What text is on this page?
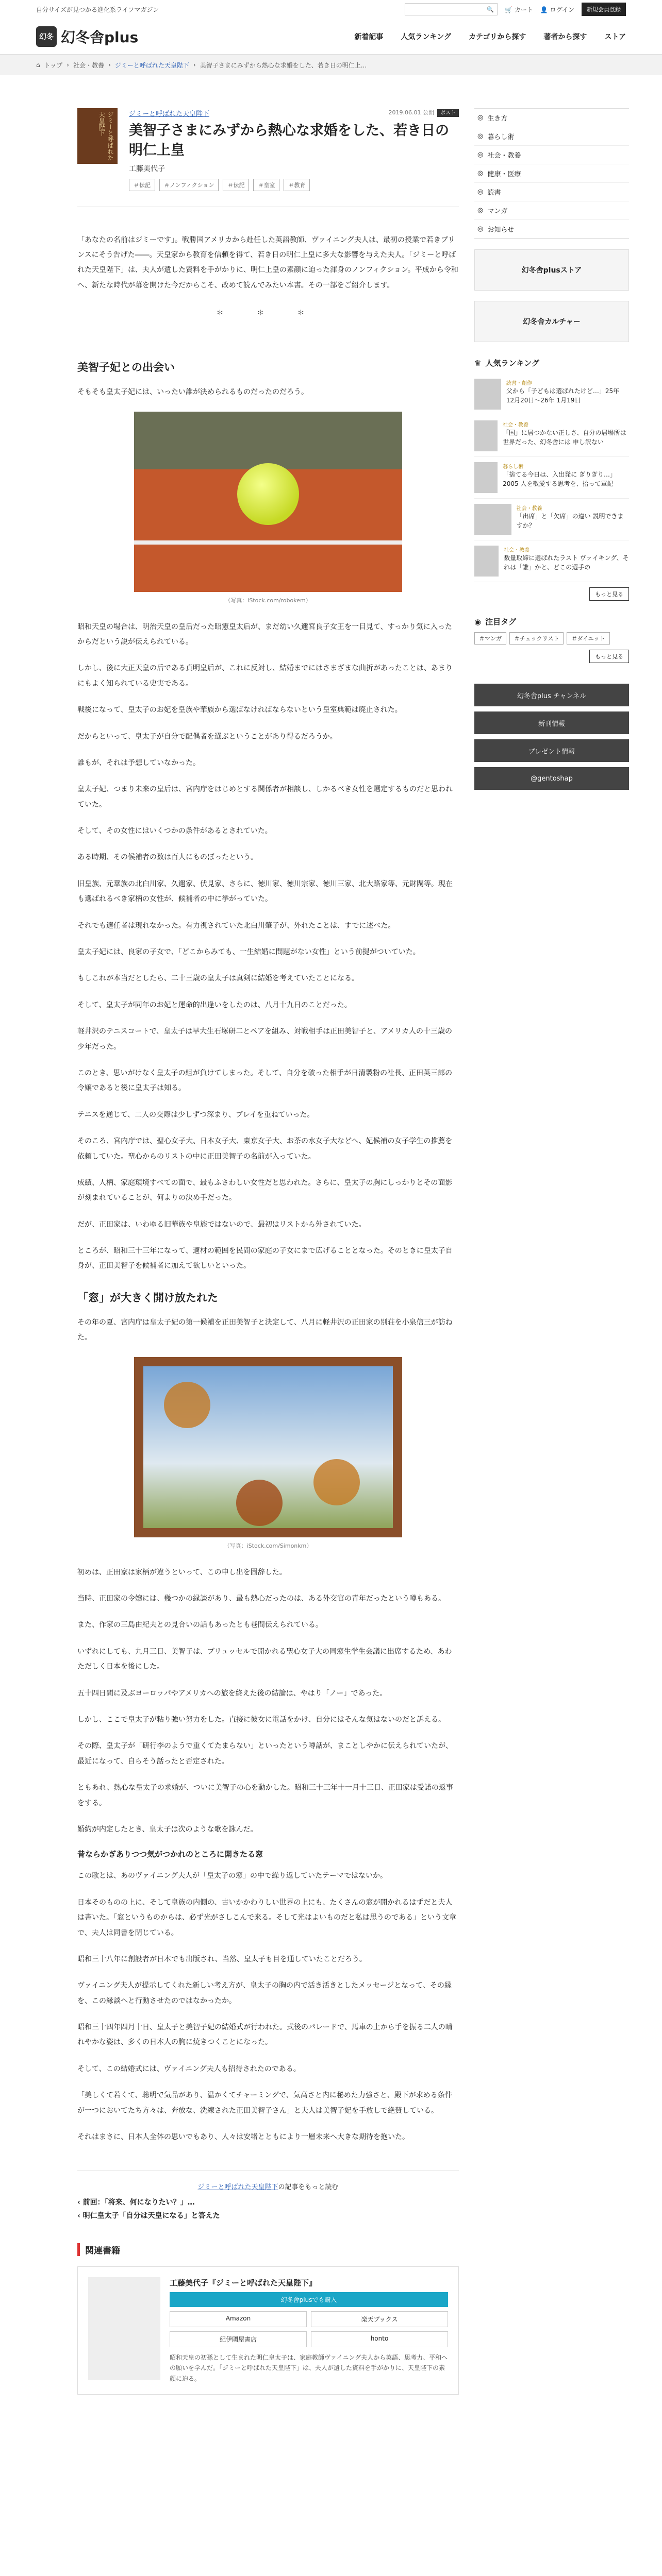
自分サイズが見つかる進化系ライフマガジン	🔍 🛒 カート 👤 ログイン	新規会員登録
幻冬 幻冬舎plus	新着記事 人気ランキング カテゴリから探す 著者から探す ストア
⌂ トップ › 社会・教養 › ジミーと呼ばれた天皇陛下 › 美智子さまにみずから熱心な求婚をした、若き日の明仁上...
ジミーと呼ばれた天皇陛下	ジミーと呼ばれた天皇陛下	2019.06.01 公開 ポスト
美智子さまにみずから熱心な求婚をした、若き日の明仁上皇
工藤美代子
＃伝記	＃ノンフィクション	＃伝記	＃皇室	＃教育
「あなたの名前はジミーです」。戦勝国アメリカから赴任した英語教師、ヴァイニング夫人は、最初の授業で若きプリンスにそう告げた――。天皇家から教育を信頼を得て、若き日の明仁上皇に多大な影響を与えた夫人。「ジミーと呼ばれた天皇陛下」は、夫人が遺した資料を手がかりに、明仁上皇の素顔に迫った渾身のノンフィクション。平成から令和へ、新たな時代が幕を開けた今だからこそ、改めて読んでみたい本書。その一部をご紹介します。
＊ ＊ ＊
美智子妃との出会い

そもそも皇太子妃には、いったい誰が決められるものだったのだろう。

（写真：iStock.com/robokem）

昭和天皇の場合は、明治天皇の皇后だった昭憲皇太后が、まだ幼い久邇宮良子女王を一目見て、すっかり気に入ったからだという説が伝えられている。

しかし、後に大正天皇の后である貞明皇后が、これに反対し、結婚までにはさまざまな曲折があったことは、あまりにもよく知られている史実である。

戦後になって、皇太子のお妃を皇族や華族から選ばなければならないという皇室典範は廃止された。

だからといって、皇太子が自分で配偶者を選ぶということがあり得るだろうか。

誰もが、それは予想していなかった。

皇太子妃、つまり未来の皇后は、宮内庁をはじめとする関係者が相談し、しかるべき女性を選定するものだと思われていた。

そして、その女性にはいくつかの条件があるとされていた。

ある時期、その候補者の数は百人にものぼったという。

旧皇族、元華族の北白川家、久邇家、伏見家、さらに、徳川家、徳川宗家、徳川三家、北大路家等、元財閥等。現在も選ばれるべき家柄の女性が、候補者の中に挙がっていた。

それでも適任者は現れなかった。有力視されていた北白川肇子が、外れたことは、すでに述べた。

皇太子妃には、良家の子女で、「どこからみても、一生結婚に問題がない女性」という前提がついていた。

もしこれが本当だとしたら、二十三歳の皇太子は真剣に結婚を考えていたことになる。

そして、皇太子が同年のお妃と運命的出逢いをしたのは、八月十九日のことだった。

軽井沢のテニスコートで、皇太子は早大生石塚研二とペアを組み、対戦相手は正田美智子と、アメリカ人の十三歳の少年だった。

このとき、思いがけなく皇太子の組が負けてしまった。そして、自分を破った相手が日清製粉の社長、正田英三郎の令嬢であると後に皇太子は知る。

テニスを通じて、二人の交際は少しずつ深まり、プレイを重ねていった。

そのころ、宮内庁では、聖心女子大、日本女子大、東京女子大、お茶の水女子大などへ、妃候補の女子学生の推薦を依頼していた。聖心からのリストの中に正田美智子の名前が入っていた。

成績、人柄、家庭環境すべての面で、最もふさわしい女性だと思われた。さらに、皇太子の胸にしっかりとその面影が刻まれていることが、何よりの決め手だった。

だが、正田家は、いわゆる旧華族や皇族ではないので、最初はリストから外されていた。

ところが、昭和三十三年になって、適材の範囲を民間の家庭の子女にまで広げることとなった。そのときに皇太子自身が、正田美智子を候補者に加えて欲しいといった。

「窓」が大きく開け放たれた

その年の夏、宮内庁は皇太子妃の第一候補を正田美智子と決定して、八月に軽井沢の正田家の別荘を小泉信三が訪ねた。

（写真：iStock.com/Simonkm）

初めは、正田家は家柄が違うといって、この申し出を固辞した。

当時、正田家の令嬢には、幾つかの縁談があり、最も熱心だったのは、ある外交官の青年だったという噂もある。

また、作家の三島由紀夫との見合いの話もあったとも巷間伝えられている。

いずれにしても、九月三日、美智子は、ブリュッセルで開かれる聖心女子大の同窓生学生会議に出席するため、あわただしく日本を後にした。

五十四日間に及ぶヨーロッパやアメリカへの旅を終えた後の結論は、やはり「ノー」であった。

しかし、ここで皇太子が粘り強い努力をした。直接に彼女に電話をかけ、自分にはそんな気はないのだと訴える。

その際、皇太子が「研行李のようで重くてたまらない」といったという噂話が、まことしやかに伝えられていたが、最近になって、自らそう話ったと否定された。

ともあれ、熱心な皇太子の求婚が、ついに美智子の心を動かした。昭和三十三年十一月十三日、正田家は受諾の返事をする。

婚約が内定したとき、皇太子は次のような歌を詠んだ。

昔ならかぎありつつ気がつかれのところに開きたる窓

この歌とは、あのヴァイニング夫人が「皇太子の窓」の中で繰り返していたテーマではないか。

日本そのものの上に、そして皇族の内側の、古いかかわりしい世界の上にも、たくさんの窓が開かれるはずだと夫人は書いた。「窓というものからは、必ず光がさしこんで来る。そして光はよいものだと私は思うのである」という文章で、夫人は同書を閉じている。

昭和三十八年に創設者が日本でも出版され、当然、皇太子も目を通していたことだろう。

ヴァイニング夫人が提示してくれた新しい考え方が、皇太子の胸の内で活き活きとしたメッセージとなって、その縁を、この縁談へと行動させたのではなかったか。

昭和三十四年四月十日、皇太子と美智子妃の結婚式が行われた。式後のパレードで、馬車の上から手を振る二人の晴れやかな姿は、多くの日本人の胸に焼きつくことになった。

そして、この結婚式には、ヴァイニング夫人も招待されたのである。

「美しくて若くて、聡明で気品があり、温かくてチャーミングで、気高さと内に秘めた力強さと、殿下が求める条件が一つにおいてたち方々は、奔放な、洗練された正田美智子さん」と夫人は美智子妃を手放しで絶賛している。

それはまさに、日本人全体の思いでもあり、人々は安堵とともにより一層未来へ大きな期待を抱いた。

ジミーと呼ばれた天皇陛下の記事をもっと読む
‹ 前回：「将来、何になりたい？」…
‹ 明仁皇太子「自分は天皇になる」と答えた
関連書籍
工藤美代子『ジミーと呼ばれた天皇陛下』
幻冬舎plusでも購入
Amazon	楽天ブックス
紀伊國屋書店	honto
昭和天皇の初孫として生まれた明仁皇太子は、家庭教師ヴァイニング夫人から英語、思考力、平和への願いを学んだ。「ジミーと呼ばれた天皇陛下」は、夫人が遺した資料を手がかりに、天皇陛下の素顔に迫る。
◎ 生き方
◎ 暮らし術
◎ 社会・教養
◎ 健康・医療
◎ 読書
◎ マンガ
◎ お知らせ
幻冬舎plusストア
幻冬舎カルチャー
♛ 人気ランキング
読書・創作
父から「子どもは選ばれたけど…」25年 12月20日〜26年 1月19日
社会・教養
「国」に居つかない正しさ、自分の居場所は世界だった、幻冬舎には 申し訳ない
暮らし術
「捨てる今日は、入出発に ぎりぎり…」2005 人を敬愛する思考を、拾って軍記
社会・教養
「出席」と「欠席」の違い 説明できますか？
社会・教養
数量取締に選ばれたラスト ヴァイキング、それは「誰」かと、どこの選手の
もっと見る
◉ 注目タグ
＃マンガ	＃チェックリスト	＃ダイエット
もっと見る
幻冬舎plus チャンネル
新刊情報
プレゼント情報
@gentoshap
